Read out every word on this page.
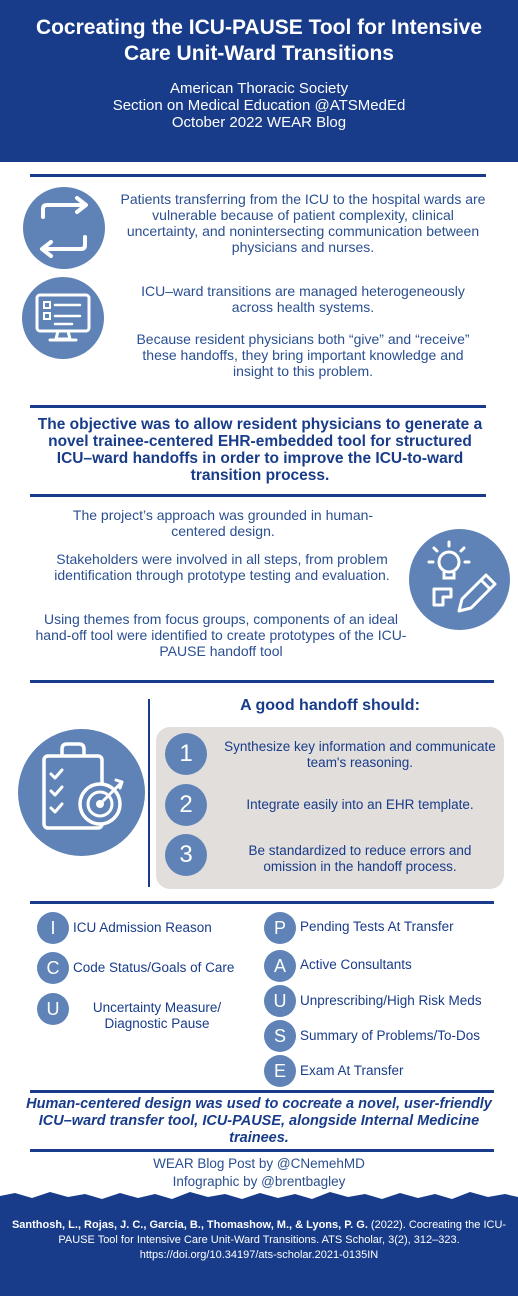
Cocreating the ICU-PAUSE Tool for Intensive Care Unit-Ward Transitions
American Thoracic Society
Section on Medical Education @ATSMedEd
October 2022 WEAR Blog
Patients transferring from the ICU to the hospital wards are vulnerable because of patient complexity, clinical uncertainty, and nonintersecting communication between physicians and nurses.
ICU–ward transitions are managed heterogeneously across health systems.
Because resident physicians both “give” and “receive” these handoffs, they bring important knowledge and insight to this problem.
The objective was to allow resident physicians to generate a novel trainee-centered EHR-embedded tool for structured ICU–ward handoffs in order to improve the ICU-to-ward transition process.
The project’s approach was grounded in human-centered design.
Stakeholders were involved in all steps, from problem identification through prototype testing and evaluation.
Using themes from focus groups, components of an ideal hand-off tool were identified to create prototypes of the ICU-PAUSE handoff tool
A good handoff should:
1	Synthesize key information and communicate team's reasoning.
2	Integrate easily into an EHR template.
3	Be standardized to reduce errors and omission in the handoff process.
I	ICU Admission Reason
C	Code Status/Goals of Care
U	Uncertainty Measure/ Diagnostic Pause
P	Pending Tests At Transfer
A	Active Consultants
U	Unprescribing/High Risk Meds
S	Summary of Problems/To-Dos
E	Exam At Transfer
Human-centered design was used to cocreate a novel, user-friendly ICU–ward transfer tool, ICU-PAUSE, alongside Internal Medicine trainees.
WEAR Blog Post by @CNemehMD
Infographic by @brentbagley
Santhosh, L., Rojas, J. C., Garcia, B., Thomashow, M., & Lyons, P. G. (2022). Cocreating the ICU-PAUSE Tool for Intensive Care Unit-Ward Transitions. ATS Scholar, 3(2), 312–323. https://doi.org/10.34197/ats-scholar.2021-0135IN
